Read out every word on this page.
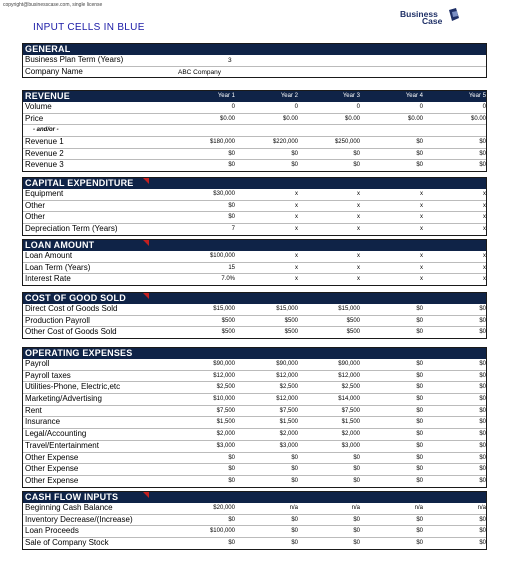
copyright@businesscase.com, single license
INPUT CELLS IN BLUE
Business
Case
GENERAL
Business Plan Term (Years)	3
Company Name	ABC Company
REVENUE	Year 1	Year 2	Year 3	Year 4	Year 5
Volume	0	0	0	0	0
Price	$0.00	$0.00	$0.00	$0.00	$0.00
- and/or -
Revenue 1	$180,000	$220,000	$250,000	$0	$0
Revenue 2	$0	$0	$0	$0	$0
Revenue 3	$0	$0	$0	$0	$0
CAPITAL EXPENDITURE
Equipment	$30,000	x	x	x	x
Other	$0	x	x	x	x
Other	$0	x	x	x	x
Depreciation Term (Years)	7	x	x	x	x
LOAN AMOUNT
Loan Amount	$100,000	x	x	x	x
Loan Term (Years)	15	x	x	x	x
Interest Rate	7.0%	x	x	x	x
COST OF GOOD SOLD
Direct Cost of Goods Sold	$15,000	$15,000	$15,000	$0	$0
Production Payroll	$500	$500	$500	$0	$0
Other Cost of Goods Sold	$500	$500	$500	$0	$0
OPERATING EXPENSES
Payroll	$90,000	$90,000	$90,000	$0	$0
Payroll taxes	$12,000	$12,000	$12,000	$0	$0
Utilities-Phone, Electric,etc	$2,500	$2,500	$2,500	$0	$0
Marketing/Advertising	$10,000	$12,000	$14,000	$0	$0
Rent	$7,500	$7,500	$7,500	$0	$0
Insurance	$1,500	$1,500	$1,500	$0	$0
Legal/Accounting	$2,000	$2,000	$2,000	$0	$0
Travel/Entertainment	$3,000	$3,000	$3,000	$0	$0
Other Expense	$0	$0	$0	$0	$0
Other Expense	$0	$0	$0	$0	$0
Other Expense	$0	$0	$0	$0	$0
CASH FLOW INPUTS
Beginning Cash Balance	$20,000	n/a	n/a	n/a	n/a
Inventory Decrease/(Increase)	$0	$0	$0	$0	$0
Loan Proceeds	$100,000	$0	$0	$0	$0
Sale of Company Stock	$0	$0	$0	$0	$0
